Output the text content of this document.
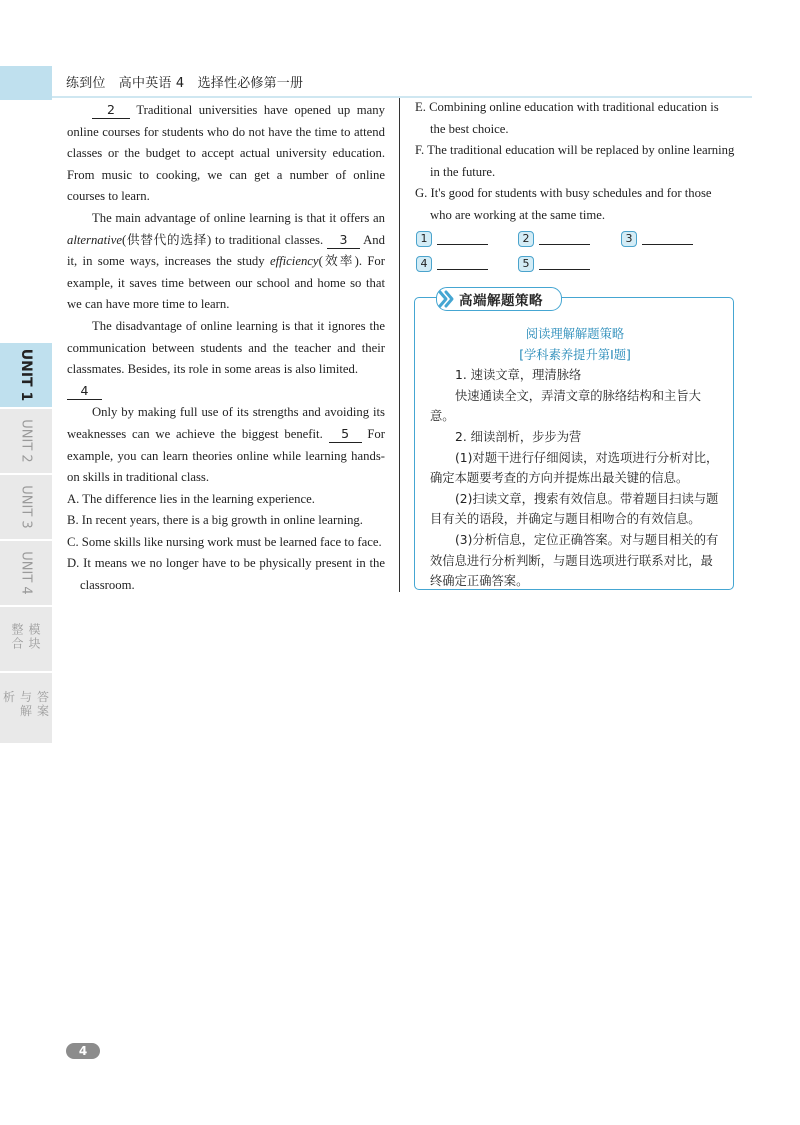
练到位　高中英语 4　选择性必修第一册
UNIT 1
UNIT 2
UNIT 3
UNIT 4
模块整合
答案与解析

2 Traditional universities have opened up many online courses for students who do not have the time to attend classes or the budget to accept actual university education. From music to cooking, we can get a number of online courses to learn.

The main advantage of online learning is that it offers an alternative(供替代的选择) to traditional classes. 3 And it, in some ways, increases the study efficiency(效率). For example, it saves time between our school and home so that we can have more time to learn.

The disadvantage of online learning is that it ignores the communication between students and the teacher and their classmates. Besides, its role in some areas is also limited.

4

Only by making full use of its strengths and avoiding its weaknesses can we achieve the biggest benefit. 5 For example, you can learn theories online while learning hands-on skills in traditional class.

A. The difference lies in the learning experience.

B. In recent years, there is a big growth in online learning.

C. Some skills like nursing work must be learned face to face.

D. It means we no longer have to be physically present in the classroom.

E. Combining online education with traditional education is the best choice.

F. The traditional education will be replaced by online learning in the future.

G. It's good for students with busy schedules and for those who are working at the same time.

1	2	3
4	5
高端解题策略

阅读理解解题策略

[学科素养提升第Ⅰ题]

1. 速读文章，理清脉络

快速通读全文，弄清文章的脉络结构和主旨大意。

2. 细读剖析，步步为营

(1)对题干进行仔细阅读，对选项进行分析对比，确定本题要考查的方向并提炼出最关键的信息。

(2)扫读文章，搜索有效信息。带着题目扫读与题目有关的语段，并确定与题目相吻合的有效信息。

(3)分析信息，定位正确答案。对与题目相关的有效信息进行分析判断，与题目选项进行联系对比，最终确定正确答案。

4
